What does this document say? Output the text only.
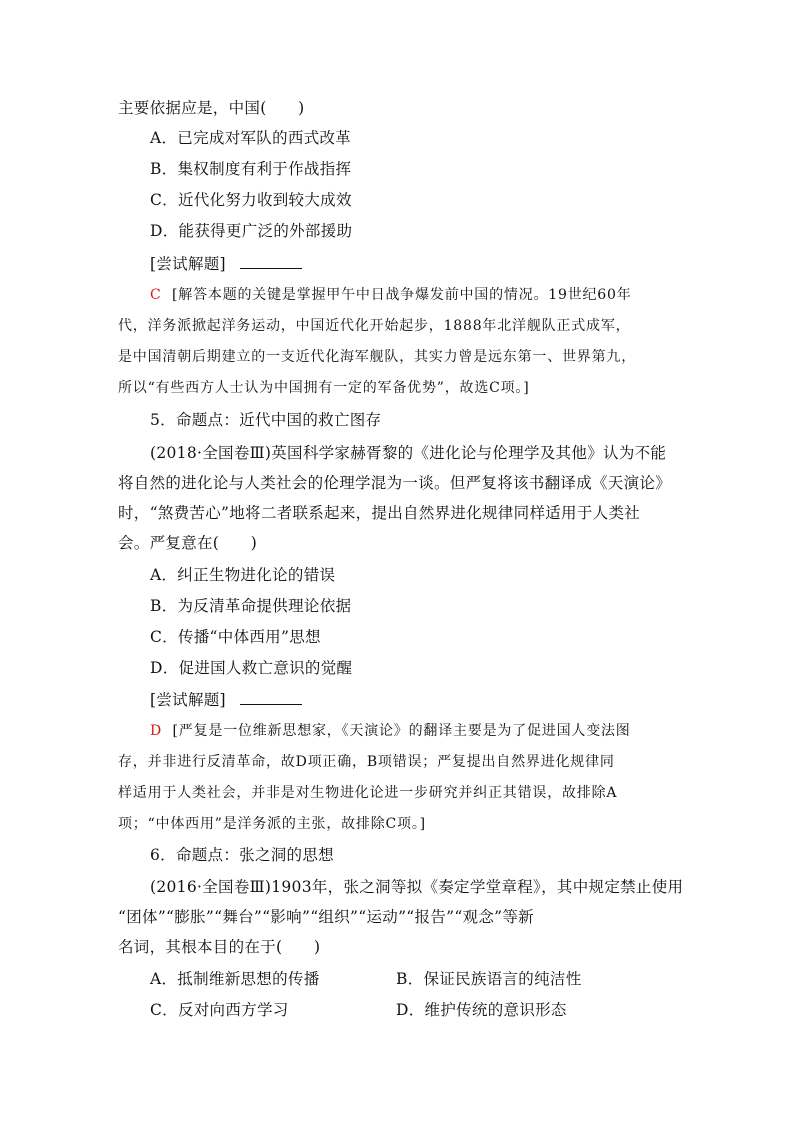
主要依据应是，中国(　　)
A．已完成对军队的西式改革
B．集权制度有利于作战指挥
C．近代化努力收到较大成效
D．能获得更广泛的外部援助
[尝试解题]
C [解答本题的关键是掌握甲午中日战争爆发前中国的情况。19世纪60年
代，洋务派掀起洋务运动，中国近代化开始起步，1888年北洋舰队正式成军，
是中国清朝后期建立的一支近代化海军舰队，其实力曾是远东第一、世界第九，
所以“有些西方人士认为中国拥有一定的军备优势”，故选C项。]
5．命题点：近代中国的救亡图存
(2018·全国卷Ⅲ)英国科学家赫胥黎的《进化论与伦理学及其他》认为不能
将自然的进化论与人类社会的伦理学混为一谈。但严复将该书翻译成《天演论》
时，“煞费苦心”地将二者联系起来，提出自然界进化规律同样适用于人类社
会。严复意在(　　)
A．纠正生物进化论的错误
B．为反清革命提供理论依据
C．传播“中体西用”思想
D．促进国人救亡意识的觉醒
[尝试解题]
D [严复是一位维新思想家，《天演论》的翻译主要是为了促进国人变法图
存，并非进行反清革命，故D项正确，B项错误；严复提出自然界进化规律同
样适用于人类社会，并非是对生物进化论进一步研究并纠正其错误，故排除A
项；“中体西用”是洋务派的主张，故排除C项。]
6．命题点：张之洞的思想
(2016·全国卷Ⅲ)1903年，张之洞等拟《奏定学堂章程》，其中规定禁止使用
“团体”“膨胀”“舞台”“影响”“组织”“运动”“报告”“观念”等新
名词，其根本目的在于(　　)
A．抵制维新思想的传播	B．保证民族语言的纯洁性
C．反对向西方学习	D．维护传统的意识形态
